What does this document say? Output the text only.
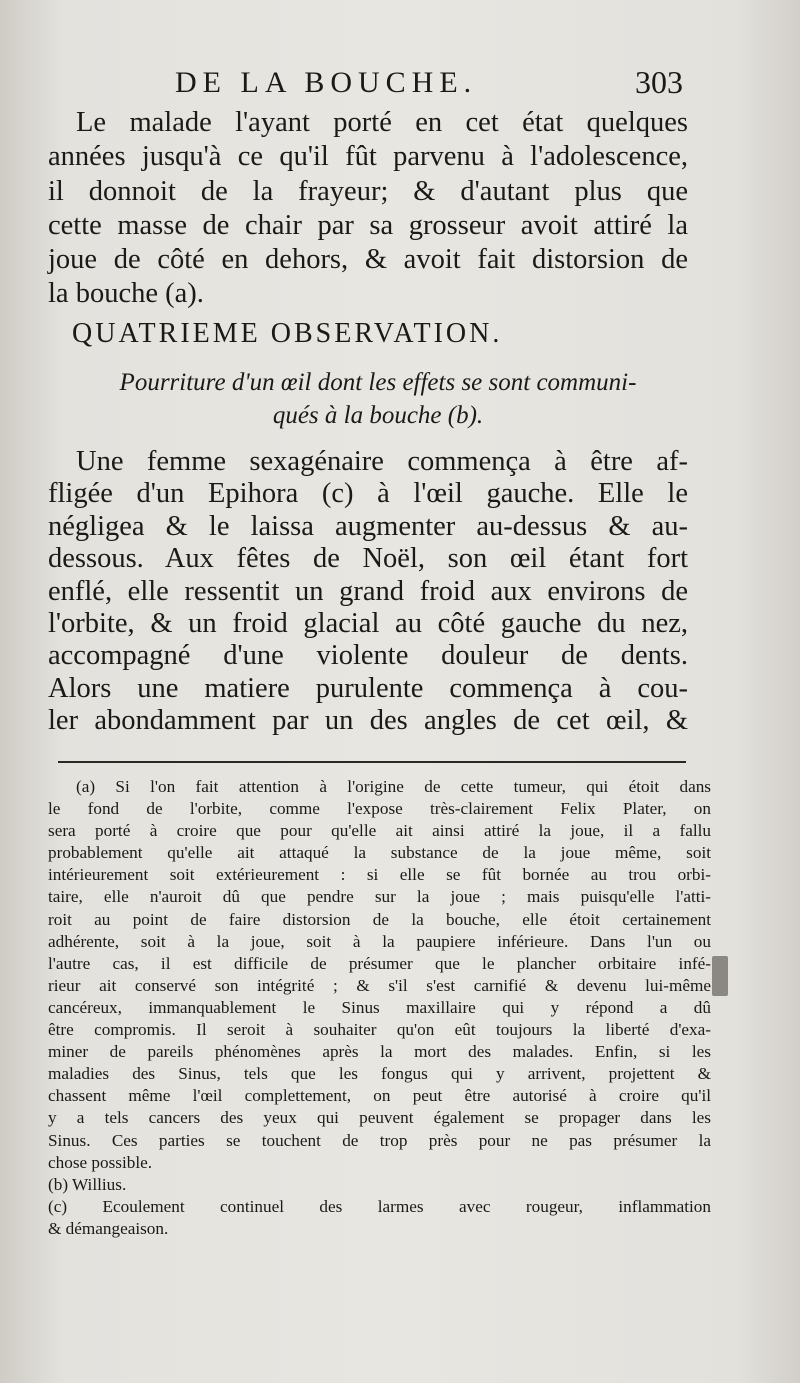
DE LA BOUCHE.	303
Le malade l'ayant porté en cet état quelques
années jusqu'à ce qu'il fût parvenu à l'adolescence,
il donnoit de la frayeur; & d'autant plus que
cette masse de chair par sa grosseur avoit attiré la
joue de côté en dehors, & avoit fait distorsion de
la bouche (a).
QUATRIEME OBSERVATION.
Pourriture d'un œil dont les effets se sont communi-
qués à la bouche (b).
Une femme sexagénaire commença à être af-
fligée d'un Epihora (c) à l'œil gauche. Elle le
négligea & le laissa augmenter au-dessus & au-
dessous. Aux fêtes de Noël, son œil étant fort
enflé, elle ressentit un grand froid aux environs de
l'orbite, & un froid glacial au côté gauche du nez,
accompagné d'une violente douleur de dents.
Alors une matiere purulente commença à cou-
ler abondamment par un des angles de cet œil, &
(a) Si l'on fait attention à l'origine de cette tumeur, qui étoit dans
le fond de l'orbite, comme l'expose très-clairement Felix Plater, on
sera porté à croire que pour qu'elle ait ainsi attiré la joue, il a fallu
probablement qu'elle ait attaqué la substance de la joue même, soit
intérieurement soit extérieurement : si elle se fût bornée au trou orbi-
taire, elle n'auroit dû que pendre sur la joue ; mais puisqu'elle l'atti-
roit au point de faire distorsion de la bouche, elle étoit certainement
adhérente, soit à la joue, soit à la paupiere inférieure. Dans l'un ou
l'autre cas, il est difficile de présumer que le plancher orbitaire infé-
rieur ait conservé son intégrité ; & s'il s'est carnifié & devenu lui-même
cancéreux, immanquablement le Sinus maxillaire qui y répond a dû
être compromis. Il seroit à souhaiter qu'on eût toujours la liberté d'exa-
miner de pareils phénomènes après la mort des malades. Enfin, si les
maladies des Sinus, tels que les fongus qui y arrivent, projettent &
chassent même l'œil complettement, on peut être autorisé à croire qu'il
y a tels cancers des yeux qui peuvent également se propager dans les
Sinus. Ces parties se touchent de trop près pour ne pas présumer la
chose possible.
(b) Willius.
(c) Ecoulement continuel des larmes avec rougeur, inflammation
& démangeaison.
